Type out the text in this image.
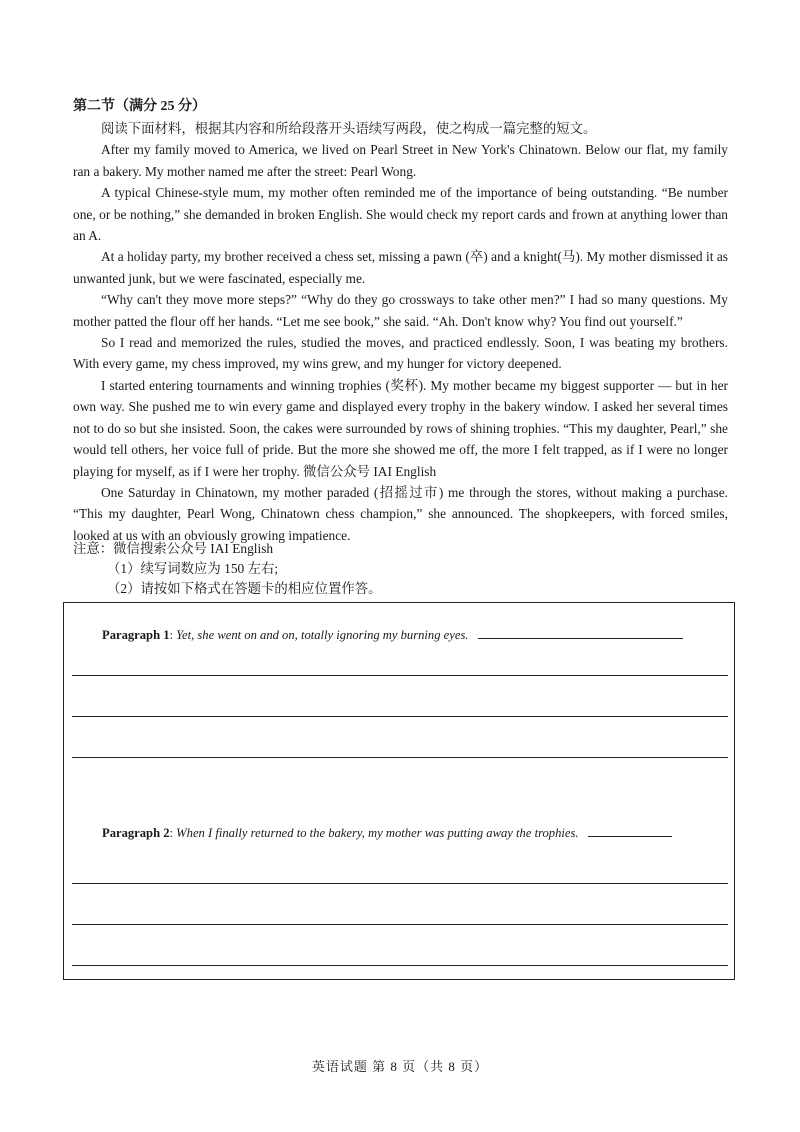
第二节（满分 25 分）

阅读下面材料，根据其内容和所给段落开头语续写两段，使之构成一篇完整的短文。

After my family moved to America, we lived on Pearl Street in New York's Chinatown. Below our flat, my family ran a bakery. My mother named me after the street: Pearl Wong.

A typical Chinese-style mum, my mother often reminded me of the importance of being outstanding. “Be number one, or be nothing,” she demanded in broken English. She would check my report cards and frown at anything lower than an A.

At a holiday party, my brother received a chess set, missing a pawn (卒) and a knight(马). My mother dismissed it as unwanted junk, but we were fascinated, especially me.

“Why can't they move more steps?” “Why do they go crossways to take other men?” I had so many questions. My mother patted the flour off her hands. “Let me see book,” she said. “Ah. Don't know why? You find out yourself.”

So I read and memorized the rules, studied the moves, and practiced endlessly. Soon, I was beating my brothers. With every game, my chess improved, my wins grew, and my hunger for victory deepened.

I started entering tournaments and winning trophies (奖杯). My mother became my biggest supporter — but in her own way. She pushed me to win every game and displayed every trophy in the bakery window. I asked her several times not to do so but she insisted. Soon, the cakes were surrounded by rows of shining trophies. “This my daughter, Pearl,” she would tell others, her voice full of pride. But the more she showed me off, the more I felt trapped, as if I were no longer playing for myself, as if I were her trophy. 微信公众号 IAI English

One Saturday in Chinatown, my mother paraded (招摇过市) me through the stores, without making a purchase. “This my daughter, Pearl Wong, Chinatown chess champion,” she announced. The shopkeepers, with forced smiles, looked at us with an obviously growing impatience.

注意：微信搜索公众号 IAI English
（1）续写词数应为 150 左右;
（2）请按如下格式在答题卡的相应位置作答。
Paragraph 1: Yet, she went on and on, totally ignoring my burning eyes.
Paragraph 2: When I finally returned to the bakery, my mother was putting away the trophies.
英语试题 第 8 页（共 8 页）
